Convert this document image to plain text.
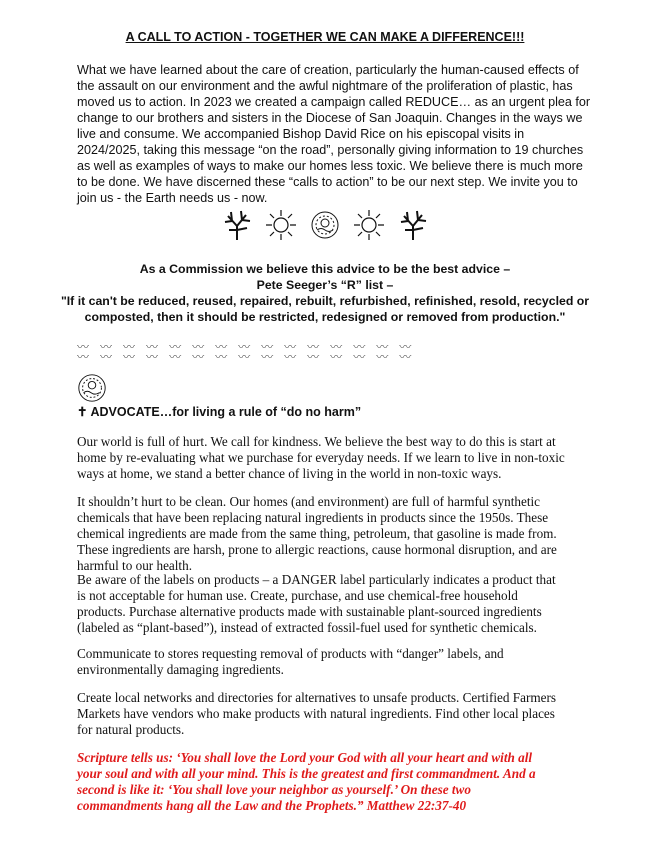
A CALL TO ACTION - TOGETHER WE CAN MAKE A DIFFERENCE!!!
What we have learned about the care of creation, particularly the human-caused effects of
the assault on our environment and the awful nightmare of the proliferation of plastic, has
moved us to action. In 2023 we created a campaign called REDUCE… as an urgent plea for
change to our brothers and sisters in the Diocese of San Joaquin. Changes in the ways we
live and consume. We accompanied Bishop David Rice on his episcopal visits in
2024/2025, taking this message “on the road”, personally giving information to 19 churches
as well as examples of ways to make our homes less toxic. We believe there is much more
to be done. We have discerned these “calls to action” to be our next step. We invite you to
join us - the Earth needs us - now.
As a Commission we believe this advice to be the best advice –
Pete Seeger’s “R” list –
"If it can't be reduced, reused, repaired, rebuilt, refurbished, refinished, resold, recycled or
composted, then it should be restricted, redesigned or removed from production."
〰
〰
〰
〰
〰
〰
〰
〰
〰
〰
〰
〰
〰
〰
〰
〰
〰
〰
〰
〰
〰
〰
〰
〰
〰
〰
〰
〰
〰
〰
✝ ADVOCATE…for living a rule of “do no harm”
Our world is full of hurt. We call for kindness. We believe the best way to do this is start at
home by re-evaluating what we purchase for everyday needs. If we learn to live in non-toxic
ways at home, we stand a better chance of living in the world in non-toxic ways.
It shouldn’t hurt to be clean. Our homes (and environment) are full of harmful synthetic
chemicals that have been replacing natural ingredients in products since the 1950s. These
chemical ingredients are made from the same thing, petroleum, that gasoline is made from.
These ingredients are harsh, prone to allergic reactions, cause hormonal disruption, and are
harmful to our health.
Be aware of the labels on products – a DANGER label particularly indicates a product that
is not acceptable for human use. Create, purchase, and use chemical-free household
products. Purchase alternative products made with sustainable plant-sourced ingredients
(labeled as “plant-based”), instead of extracted fossil-fuel used for synthetic chemicals.
Communicate to stores requesting removal of products with “danger” labels, and
environmentally damaging ingredients.
Create local networks and directories for alternatives to unsafe products. Certified Farmers
Markets have vendors who make products with natural ingredients. Find other local places
for natural products.
Scripture tells us: ‘You shall love the Lord your God with all your heart and with all
your soul and with all your mind. This is the greatest and first commandment. And a
second is like it: ‘You shall love your neighbor as yourself.’ On these two
commandments hang all the Law and the Prophets.” Matthew 22:37-40
